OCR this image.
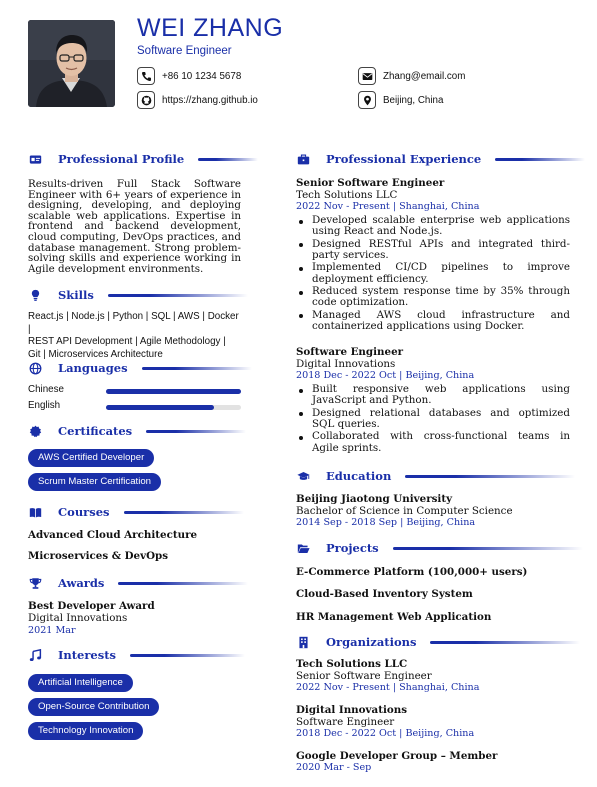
WEI ZHANG
Software Engineer
+86 10 1234 5678	Zhang@email.com
https://zhang.github.io	Beijing, China
Professional Profile
Results-driven Full Stack Software Engineer with 6+ years of experience in designing, developing, and deploying scalable web applications. Expertise in frontend and backend development, cloud computing, DevOps practices, and database management. Strong problem-solving skills and experience working in Agile development environments.
Skills
React.js | Node.js | Python | SQL | AWS | Docker |
REST API Development | Agile Methodology |
Git | Microservices Architecture
Languages
Chinese
English
Certificates
AWS Certified Developer
Scrum Master Certification
Courses
Advanced Cloud Architecture
Microservices & DevOps
Awards
Best Developer Award
Digital Innovations
2021 Mar
Interests
Artificial Intelligence
Open-Source Contribution
Technology Innovation
Professional Experience
Senior Software Engineer
Tech Solutions LLC
2022 Nov - Present | Shanghai, China
Developed scalable enterprise web applications using React and Node.js.
Designed RESTful APIs and integrated third-party services.
Implemented CI/CD pipelines to improve deployment efficiency.
Reduced system response time by 35% through code optimization.
Managed AWS cloud infrastructure and containerized applications using Docker.
Software Engineer
Digital Innovations
2018 Dec - 2022 Oct | Beijing, China
Built responsive web applications using JavaScript and Python.
Designed relational databases and optimized SQL queries.
Collaborated with cross-functional teams in Agile sprints.
Education
Beijing Jiaotong University
Bachelor of Science in Computer Science
2014 Sep - 2018 Sep | Beijing, China
Projects
E-Commerce Platform (100,000+ users)
Cloud-Based Inventory System
HR Management Web Application
Organizations
Tech Solutions LLC
Senior Software Engineer
2022 Nov - Present | Shanghai, China
Digital Innovations
Software Engineer
2018 Dec - 2022 Oct | Beijing, China
Google Developer Group – Member
2020 Mar - Sep
